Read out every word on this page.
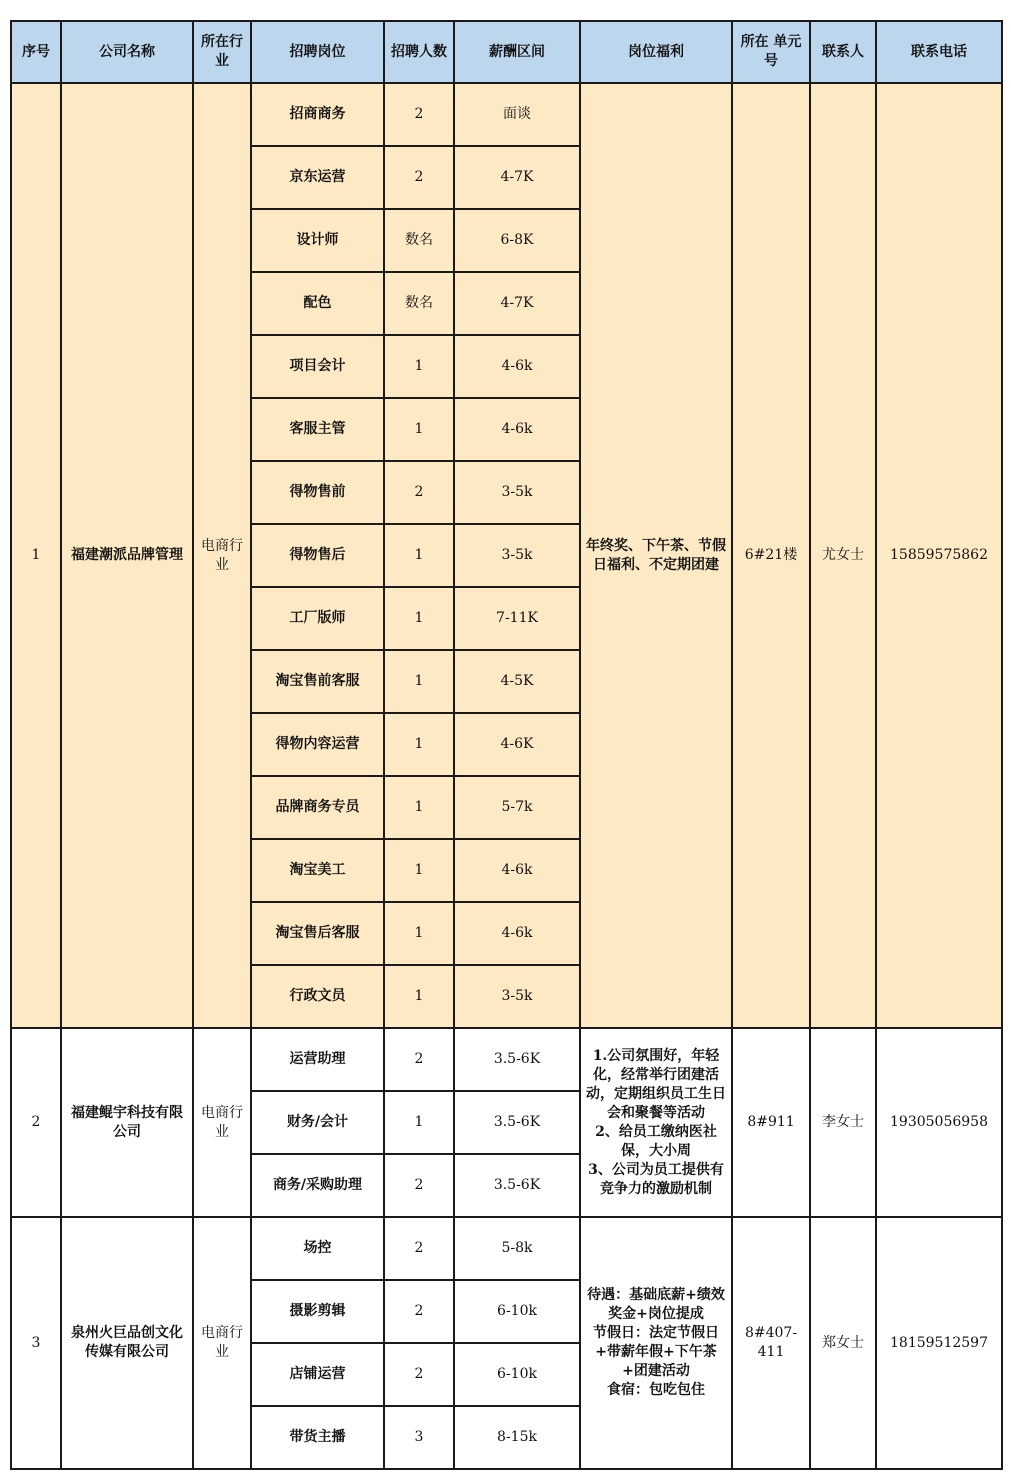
序号	公司名称	所在行业	招聘岗位	招聘人数	薪酬区间	岗位福利	所在 单元号	联系人	联系电话
1	福建潮派品牌管理	电商行业	招商商务	2	面谈	年终奖、下午茶、节假日福利、不定期团建	6#21楼	尤女士	15859575862
			京东运营	2	4-7K				
			设计师	数名	6-8K				
			配色	数名	4-7K				
			项目会计	1	4-6k				
			客服主管	1	4-6k				
			得物售前	2	3-5k				
			得物售后	1	3-5k				
			工厂版师	1	7-11K				
			淘宝售前客服	1	4-5K				
			得物内容运营	1	4-6K				
			品牌商务专员	1	5-7k				
			淘宝美工	1	4-6k				
			淘宝售后客服	1	4-6k				
			行政文员	1	3-5k				
2	福建鲲宇科技有限公司	电商行业	运营助理	2	3.5-6K	1.公司氛围好，年轻化，经常举行团建活动，定期组织员工生日会和聚餐等活动
2、给员工缴纳医社保，大小周
3、公司为员工提供有竞争力的激励机制	8#911	李女士	19305056958
			财务/会计	1	3.5-6K				
			商务/采购助理	2	3.5-6K				
3	泉州火巨品创文化传媒有限公司	电商行业	场控	2	5-8k	待遇：基础底薪+绩效奖金+岗位提成
节假日：法定节假日+带薪年假+下午茶+团建活动
食宿：包吃包住	8#407-411	郑女士	18159512597
			摄影剪辑	2	6-10k				
			店铺运营	2	6-10k				
			带货主播	3	8-15k				
